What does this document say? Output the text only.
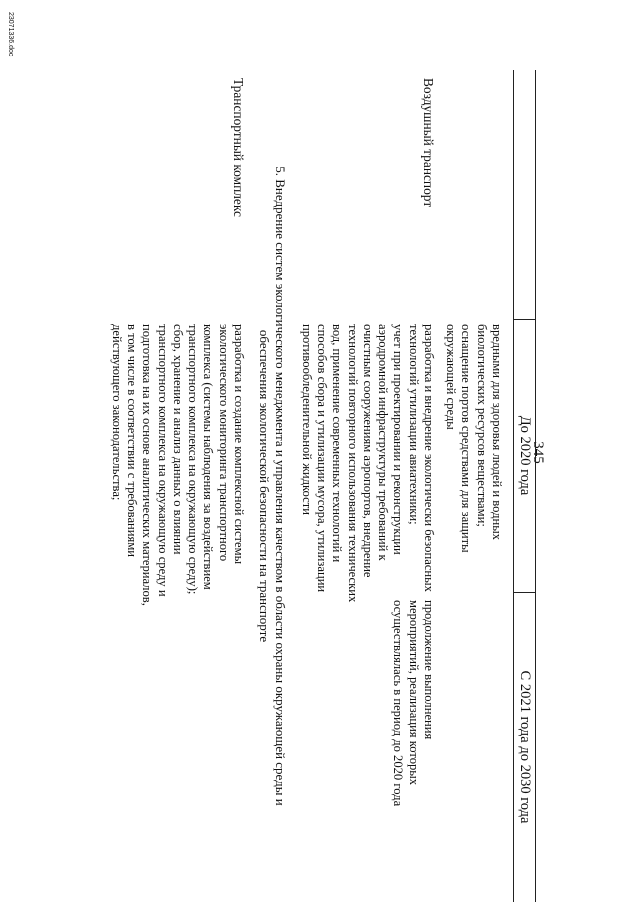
345
До 2020 года
С 2021 года до 2030 года
вредными для здоровья людей и водных
биологических ресурсов веществами;
оснащение портов средствами для защиты
окружающей среды
Воздушный транспорт
разработка и внедрение экологически безопасных
технологий утилизации авиатехники;
учет при проектировании и реконструкции
аэродромной инфраструктуры требований к
очистным сооружениям аэропортов, внедрение
технологий повторного использования технических
вод, применение современных технологий и
способов сбора и утилизации мусора, утилизации
противообледенительной жидкости
продолжение выполнения
мероприятий, реализация которых
осуществлялась в период до 2020 года
5. Внедрение систем экологического менеджмента и управления качеством в области охраны окружающей среды и
обеспечения экологической безопасности на транспорте
Транспортный комплекс
разработка и создание комплексной системы
экологического мониторинга транспортного
комплекса (системы наблюдения за воздействием
транспортного комплекса на окружающую среду);
сбор, хранение и анализ данных о влиянии
транспортного комплекса на окружающую среду и
подготовка на их основе аналитических материалов,
в том числе в соответствии с требованиями
действующего законодательства;
23071336.doc
